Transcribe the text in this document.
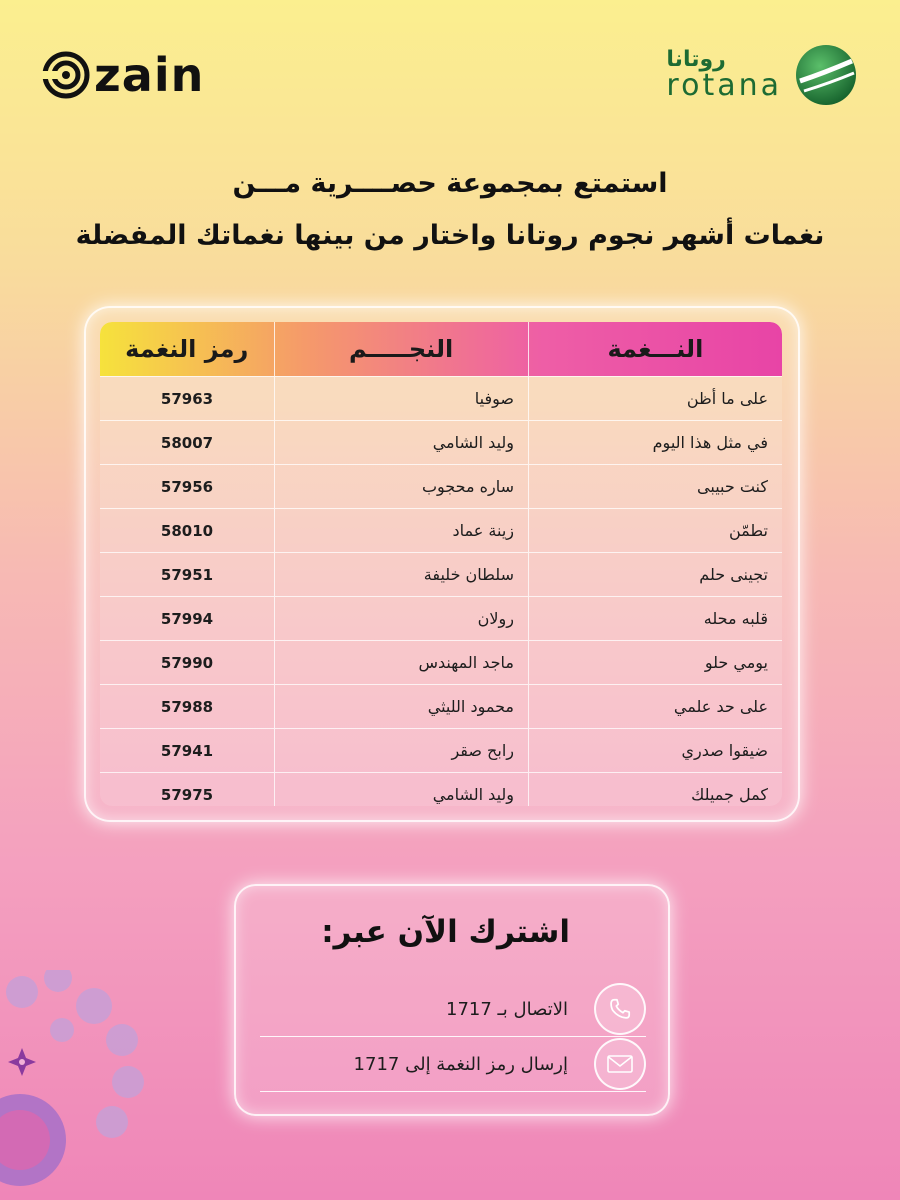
zain	روتانا
rotana
استمتع بمجموعة حصــــرية مـــن
نغمات أشهر نجوم روتانا واختار من بينها نغماتك المفضلة
النـــغمة
النجـــــم
رمز النغمة
على ما أظن
صوفيا
57963
في مثل هذا اليوم
وليد الشامي
58007
كنت حبيبى
ساره محجوب
57956
تطمّن
زينة عماد
58010
تجينى حلم
سلطان خليفة
57951
قلبه محله
رولان
57994
يومي حلو
ماجد المهندس
57990
على حد علمي
محمود الليثي
57988
ضيقوا صدري
رابح صقر
57941
كمل جميلك
وليد الشامي
57975
اشترك الآن عبر:
الاتصال بـ 1717
إرسال رمز النغمة إلى 1717
